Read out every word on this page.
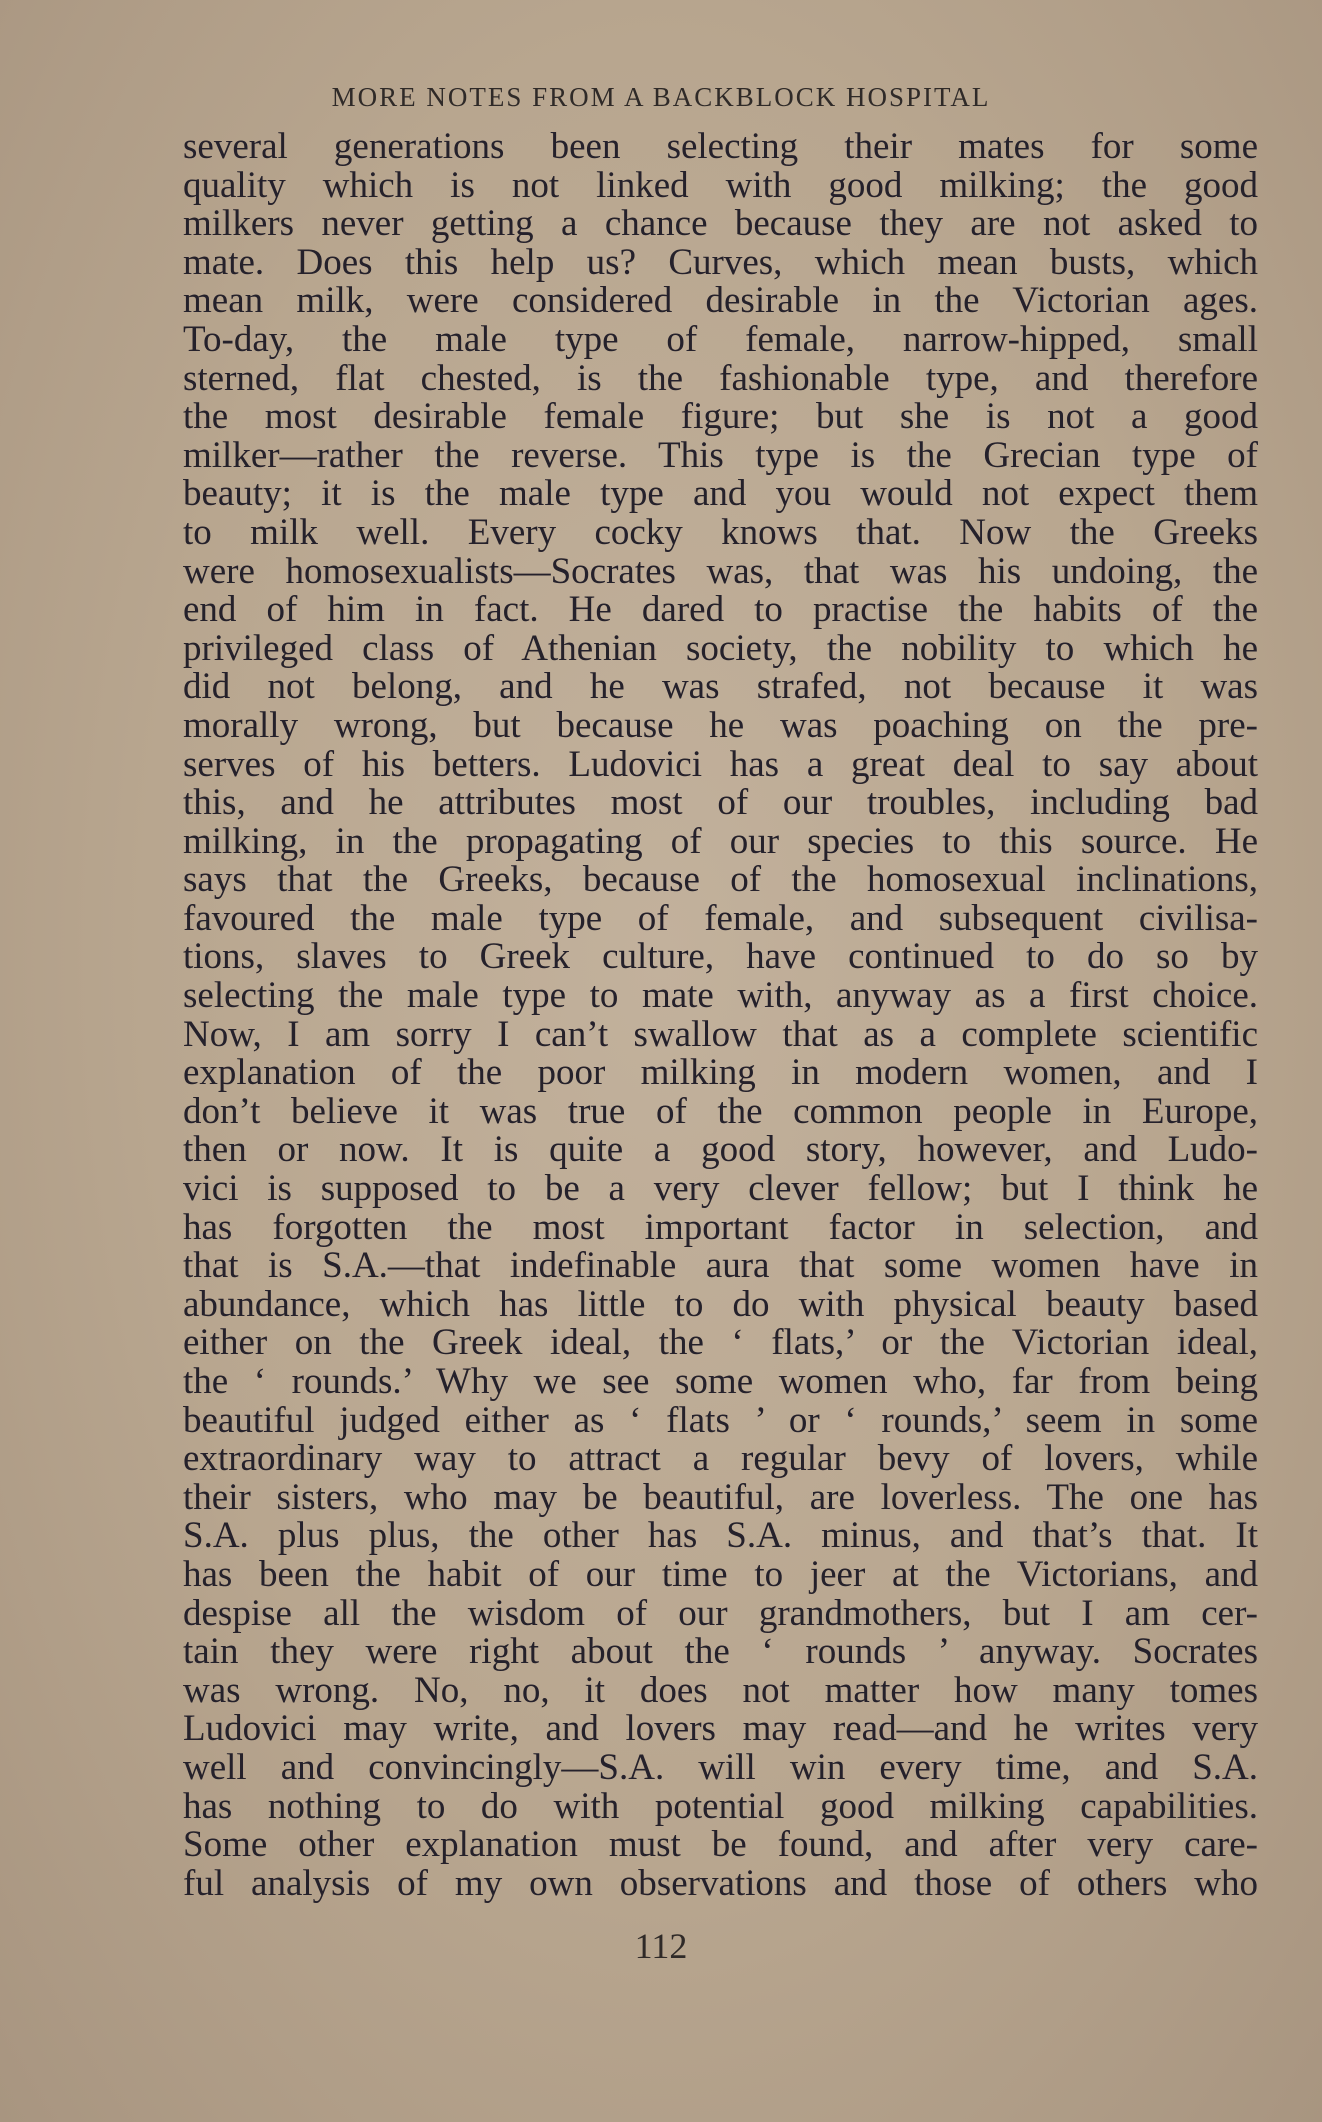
MORE NOTES FROM A BACKBLOCK HOSPITAL
several generations been selecting their mates for some
quality which is not linked with good milking; the good
milkers never getting a chance because they are not asked to
mate. Does this help us? Curves, which mean busts, which
mean milk, were considered desirable in the Victorian ages.
To-day, the male type of female, narrow-hipped, small
sterned, flat chested, is the fashionable type, and therefore
the most desirable female figure; but she is not a good
milker—rather the reverse. This type is the Grecian type of
beauty; it is the male type and you would not expect them
to milk well. Every cocky knows that. Now the Greeks
were homosexualists—Socrates was, that was his undoing, the
end of him in fact. He dared to practise the habits of the
privileged class of Athenian society, the nobility to which he
did not belong, and he was strafed, not because it was
morally wrong, but because he was poaching on the pre-
serves of his betters. Ludovici has a great deal to say about
this, and he attributes most of our troubles, including bad
milking, in the propagating of our species to this source. He
says that the Greeks, because of the homosexual inclinations,
favoured the male type of female, and subsequent civilisa-
tions, slaves to Greek culture, have continued to do so by
selecting the male type to mate with, anyway as a first choice.
Now, I am sorry I can’t swallow that as a complete scientific
explanation of the poor milking in modern women, and I
don’t believe it was true of the common people in Europe,
then or now. It is quite a good story, however, and Ludo-
vici is supposed to be a very clever fellow; but I think he
has forgotten the most important factor in selection, and
that is S.A.—that indefinable aura that some women have in
abundance, which has little to do with physical beauty based
either on the Greek ideal, the ‘ flats,’ or the Victorian ideal,
the ‘ rounds.’ Why we see some women who, far from being
beautiful judged either as ‘ flats ’ or ‘ rounds,’ seem in some
extraordinary way to attract a regular bevy of lovers, while
their sisters, who may be beautiful, are loverless. The one has
S.A. plus plus, the other has S.A. minus, and that’s that. It
has been the habit of our time to jeer at the Victorians, and
despise all the wisdom of our grandmothers, but I am cer-
tain they were right about the ‘ rounds ’ anyway. Socrates
was wrong. No, no, it does not matter how many tomes
Ludovici may write, and lovers may read—and he writes very
well and convincingly—S.A. will win every time, and S.A.
has nothing to do with potential good milking capabilities.
Some other explanation must be found, and after very care-
ful analysis of my own observations and those of others who
112
